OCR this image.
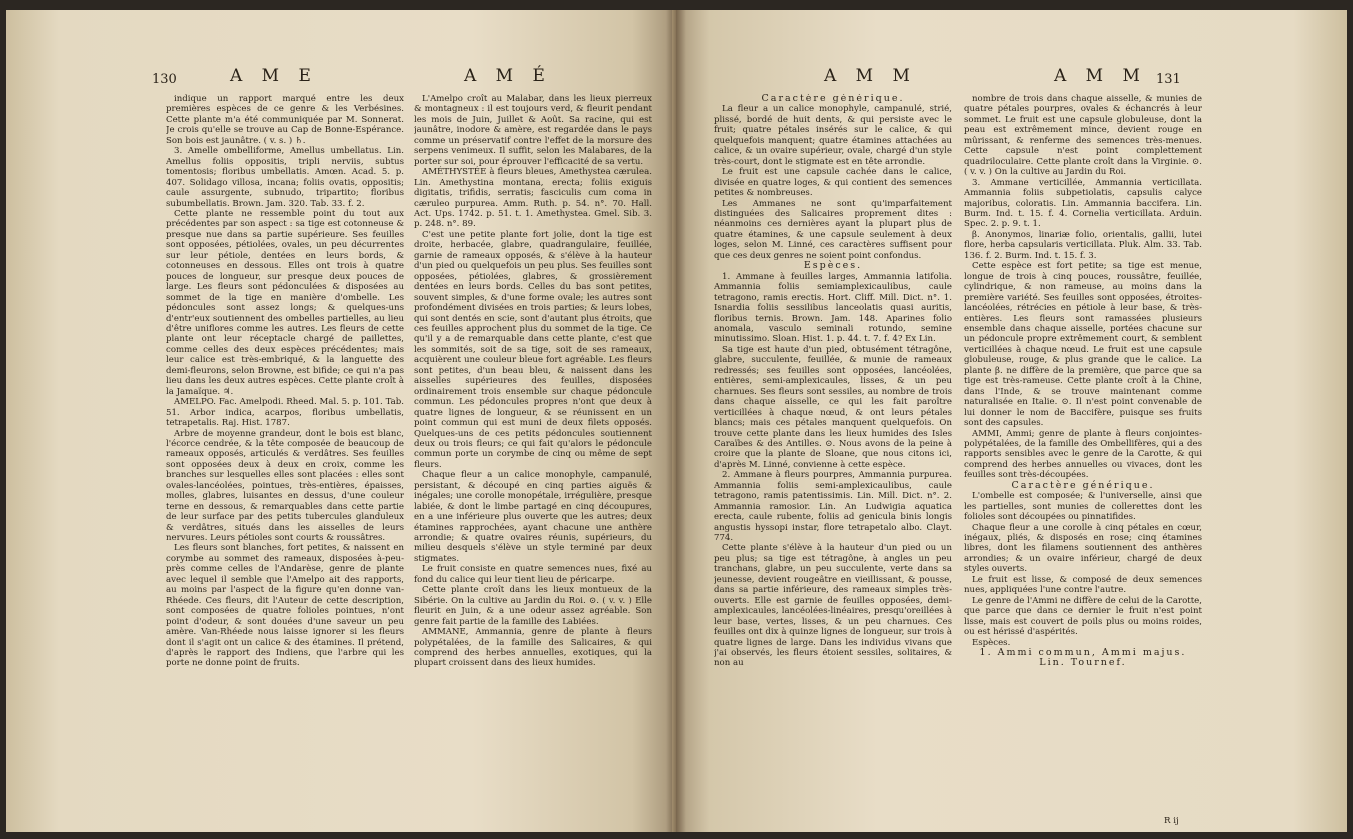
130	A M E	A M É

indique un rapport marqué entre les deux premières espèces de ce genre & les Verbésines. Cette plante m'a été communiquée par M. Sonnerat. Je crois qu'elle se trouve au Cap de Bonne-Espérance. Son bois est jaunâtre. ( v. s. ) ♄.

3. Amelle ombelliforme, Amellus umbellatus. Lin. Amellus foliis oppositis, tripli nerviis, subtus tomentosis; floribus umbellatis. Amœn. Acad. 5. p. 407. Solidago villosa, incana; foliis ovatis, oppositis; caule assurgente, subnudo, tripartito; floribus subumbellatis. Brown. Jam. 320. Tab. 33. f. 2.

Cette plante ne ressemble point du tout aux précédentes par son aspect : sa tige est cotonneuse & presque nue dans sa partie supérieure. Ses feuilles sont opposées, pétiolées, ovales, un peu décurrentes sur leur pétiole, dentées en leurs bords, & cotonneuses en dessous. Elles ont trois à quatre pouces de longueur, sur presque deux pouces de large. Les fleurs sont pédonculées & disposées au sommet de la tige en manière d'ombelle. Les pédoncules sont assez longs; & quelques-uns d'entr'eux soutiennent des ombelles partielles, au lieu d'être uniflores comme les autres. Les fleurs de cette plante ont leur réceptacle chargé de paillettes, comme celles des deux espèces précédentes; mais leur calice est très-embriqué, & la languette des demi-fleurons, selon Browne, est bifide; ce qui n'a pas lieu dans les deux autres espèces. Cette plante croît à la Jamaïque. ♃.

AMELPO. Fac. Amelpodi. Rheed. Mal. 5. p. 101. Tab. 51. Arbor indica, acarpos, floribus umbellatis, tetrapetalis. Raj. Hist. 1787.

Arbre de moyenne grandeur, dont le bois est blanc, l'écorce cendrée, & la tête composée de beaucoup de rameaux opposés, articulés & verdâtres. Ses feuilles sont opposées deux à deux en croix, comme les branches sur lesquelles elles sont placées : elles sont ovales-lancéolées, pointues, très-entières, épaisses, molles, glabres, luisantes en dessus, d'une couleur terne en dessous, & remarquables dans cette partie de leur surface par des petits tubercules glanduleux & verdâtres, situés dans les aisselles de leurs nervures. Leurs pétioles sont courts & roussâtres.

Les fleurs sont blanches, fort petites, & naissent en corymbe au sommet des rameaux, disposées à-peu-près comme celles de l'Andarèse, genre de plante avec lequel il semble que l'Amelpo ait des rapports, au moins par l'aspect de la figure qu'en donne van-Rhéede. Ces fleurs, dit l'Auteur de cette description, sont composées de quatre folioles pointues, n'ont point d'odeur, & sont douées d'une saveur un peu amère. Van-Rhéede nous laisse ignorer si les fleurs dont il s'agit ont un calice & des étamines. Il prétend, d'après le rapport des Indiens, que l'arbre qui les porte ne donne point de fruits.

L'Amelpo croît au Malabar, dans les lieux pierreux & montagneux : il est toujours verd, & fleurit pendant les mois de Juin, Juillet & Août. Sa racine, qui est jaunâtre, inodore & amère, est regardée dans le pays comme un préservatif contre l'effet de la morsure des serpens venimeux. Il suffit, selon les Malabares, de la porter sur soi, pour éprouver l'efficacité de sa vertu.

AMÉTHYSTÉE à fleurs bleues, Amethystea cærulea. Lin. Amethystina montana, erecta; foliis exiguis digitatis, trifidis, serratis; fasciculis cum coma in cæruleo purpurea. Amm. Ruth. p. 54. n°. 70. Hall. Act. Ups. 1742. p. 51. t. 1. Amethystea. Gmel. Sib. 3. p. 248. n°. 89.

C'est une petite plante fort jolie, dont la tige est droite, herbacée, glabre, quadrangulaire, feuillée, garnie de rameaux opposés, & s'élève à la hauteur d'un pied ou quelquefois un peu plus. Ses feuilles sont opposées, pétiolées, glabres, & grossièrement dentées en leurs bords. Celles du bas sont petites, souvent simples, & d'une forme ovale; les autres sont profondément divisées en trois parties; & leurs lobes, qui sont dentés en scie, sont d'autant plus étroits, que ces feuilles approchent plus du sommet de la tige. Ce qu'il y a de remarquable dans cette plante, c'est que les sommités, soit de sa tige, soit de ses rameaux, acquièrent une couleur bleue fort agréable. Les fleurs sont petites, d'un beau bleu, & naissent dans les aisselles supérieures des feuilles, disposées ordinairement trois ensemble sur chaque pédoncule commun. Les pédoncules propres n'ont que deux à quatre lignes de longueur, & se réunissent en un point commun qui est muni de deux filets opposés. Quelques-uns de ces petits pédoncules soutiennent deux ou trois fleurs; ce qui fait qu'alors le pédoncule commun porte un corymbe de cinq ou même de sept fleurs.

Chaque fleur a un calice monophyle, campanulé, persistant, & découpé en cinq parties aiguës & inégales; une corolle monopétale, irrégulière, presque labiée, & dont le limbe partagé en cinq découpures, en a une inférieure plus ouverte que les autres; deux étamines rapprochées, ayant chacune une anthère arrondie; & quatre ovaires réunis, supérieurs, du milieu desquels s'élève un style terminé par deux stigmates.

Le fruit consiste en quatre semences nues, fixé au fond du calice qui leur tient lieu de péricarpe.

Cette plante croît dans les lieux montueux de la Sibérie. On la cultive au Jardin du Roi. ⊙. ( v. v. ) Elle fleurit en Juin, & a une odeur assez agréable. Son genre fait partie de la famille des Labiées.

AMMANE, Ammannia, genre de plante à fleurs polypétalées, de la famille des Salicaires, & qui comprend des herbes annuelles, exotiques, qui la plupart croissent dans des lieux humides.

A M M	A M M 131

Caractère générique.

La fleur a un calice monophyle, campanulé, strié, plissé, bordé de huit dents, & qui persiste avec le fruit; quatre pétales insérés sur le calice, & qui quelquefois manquent; quatre étamines attachées au calice, & un ovaire supérieur, ovale, chargé d'un style très-court, dont le stigmate est en tête arrondie.

Le fruit est une capsule cachée dans le calice, divisée en quatre loges, & qui contient des semences petites & nombreuses.

Les Ammanes ne sont qu'imparfaitement distinguées des Salicaires proprement dites : néanmoins ces dernières ayant la plupart plus de quatre étamines, & une capsule seulement à deux loges, selon M. Linné, ces caractères suffisent pour que ces deux genres ne soient point confondus.

Espèces.

1. Ammane à feuilles larges, Ammannia latifolia. Ammannia foliis semiamplexicaulibus, caule tetragono, ramis erectis. Hort. Cliff. Mill. Dict. n°. 1. Isnardia foliis sessilibus lanceolatis quasi auritis, floribus ternis. Brown. Jam. 148. Aparines folio anomala, vasculo seminali rotundo, semine minutissimo. Sloan. Hist. 1. p. 44. t. 7. f. 4? Ex Lin.

Sa tige est haute d'un pied, obtusément tétragône, glabre, succulente, feuillée, & munie de rameaux redressés; ses feuilles sont opposées, lancéolées, entières, semi-amplexicaules, lisses, & un peu charnues. Ses fleurs sont sessiles, au nombre de trois dans chaque aisselle, ce qui les fait paroître verticillées à chaque nœud, & ont leurs pétales blancs; mais ces pétales manquent quelquefois. On trouve cette plante dans les lieux humides des Isles Caraïbes & des Antilles. ⊙. Nous avons de la peine à croire que la plante de Sloane, que nous citons ici, d'après M. Linné, convienne à cette espèce.

2. Ammane à fleurs pourpres, Ammannia purpurea. Ammannia foliis semi-amplexicaulibus, caule tetragono, ramis patentissimis. Lin. Mill. Dict. n°. 2. Ammannia ramosior. Lin. An Ludwigia aquatica erecta, caule rubente, foliis ad genicula binis longis angustis hyssopi instar, flore tetrapetalo albo. Clayt. 774.

Cette plante s'élève à la hauteur d'un pied ou un peu plus; sa tige est tétragône, à angles un peu tranchans, glabre, un peu succulente, verte dans sa jeunesse, devient rougeâtre en vieillissant, & pousse, dans sa partie inférieure, des rameaux simples très-ouverts. Elle est garnie de feuilles opposées, demi-amplexicaules, lancéolées-linéaires, presqu'oreillées à leur base, vertes, lisses, & un peu charnues. Ces feuilles ont dix à quinze lignes de longueur, sur trois à quatre lignes de large. Dans les individus vivans que j'ai observés, les fleurs étoient sessiles, solitaires, & non au

nombre de trois dans chaque aisselle, & munies de quatre pétales pourpres, ovales & échancrés à leur sommet. Le fruit est une capsule globuleuse, dont la peau est extrêmement mince, devient rouge en mûrissant, & renferme des semences très-menues. Cette capsule n'est point complettement quadriloculaire. Cette plante croît dans la Virginie. ⊙. ( v. v. ) On la cultive au Jardin du Roi.

3. Ammane verticillée, Ammannia verticillata. Ammannia foliis subpetiolatis, capsulis calyce majoribus, coloratis. Lin. Ammannia baccifera. Lin. Burm. Ind. t. 15. f. 4. Cornelia verticillata. Arduin. Spec. 2. p. 9. t. 1.

β. Anonymos, linariæ folio, orientalis, gallii, lutei flore, herba capsularis verticillata. Pluk. Alm. 33. Tab. 136. f. 2. Burm. Ind. t. 15. f. 3.

Cette espèce est fort petite; sa tige est menue, longue de trois à cinq pouces, roussâtre, feuillée, cylindrique, & non rameuse, au moins dans la première variété. Ses feuilles sont opposées, étroites-lancéolées, rétrécies en pétiole à leur base, & très-entières. Les fleurs sont ramassées plusieurs ensemble dans chaque aisselle, portées chacune sur un pédoncule propre extrêmement court, & semblent verticillées à chaque nœud. Le fruit est une capsule globuleuse, rouge, & plus grande que le calice. La plante β. ne diffère de la première, que parce que sa tige est très-rameuse. Cette plante croît à la Chine, dans l'Inde, & se trouve maintenant comme naturalisée en Italie. ⊙. Il n'est point convenable de lui donner le nom de Baccifère, puisque ses fruits sont des capsules.

AMMI, Ammi; genre de plante à fleurs conjointes-polypétalées, de la famille des Ombellifères, qui a des rapports sensibles avec le genre de la Carotte, & qui comprend des herbes annuelles ou vivaces, dont les feuilles sont très-découpées.

Caractère générique.

L'ombelle est composée; & l'universelle, ainsi que les partielles, sont munies de collerettes dont les folioles sont découpées ou pinnatifides.

Chaque fleur a une corolle à cinq pétales en cœur, inégaux, pliés, & disposés en rose; cinq étamines libres, dont les filamens soutiennent des anthères arrondies; & un ovaire inférieur, chargé de deux styles ouverts.

Le fruit est lisse, & composé de deux semences nues, appliquées l'une contre l'autre.

Le genre de l'Ammi ne diffère de celui de la Carotte, que parce que dans ce dernier le fruit n'est point lisse, mais est couvert de poils plus ou moins roides, ou est hérissé d'aspérités.

Espèces.

1. Ammi commun, Ammi majus. Lin. Tournef.

R ij
